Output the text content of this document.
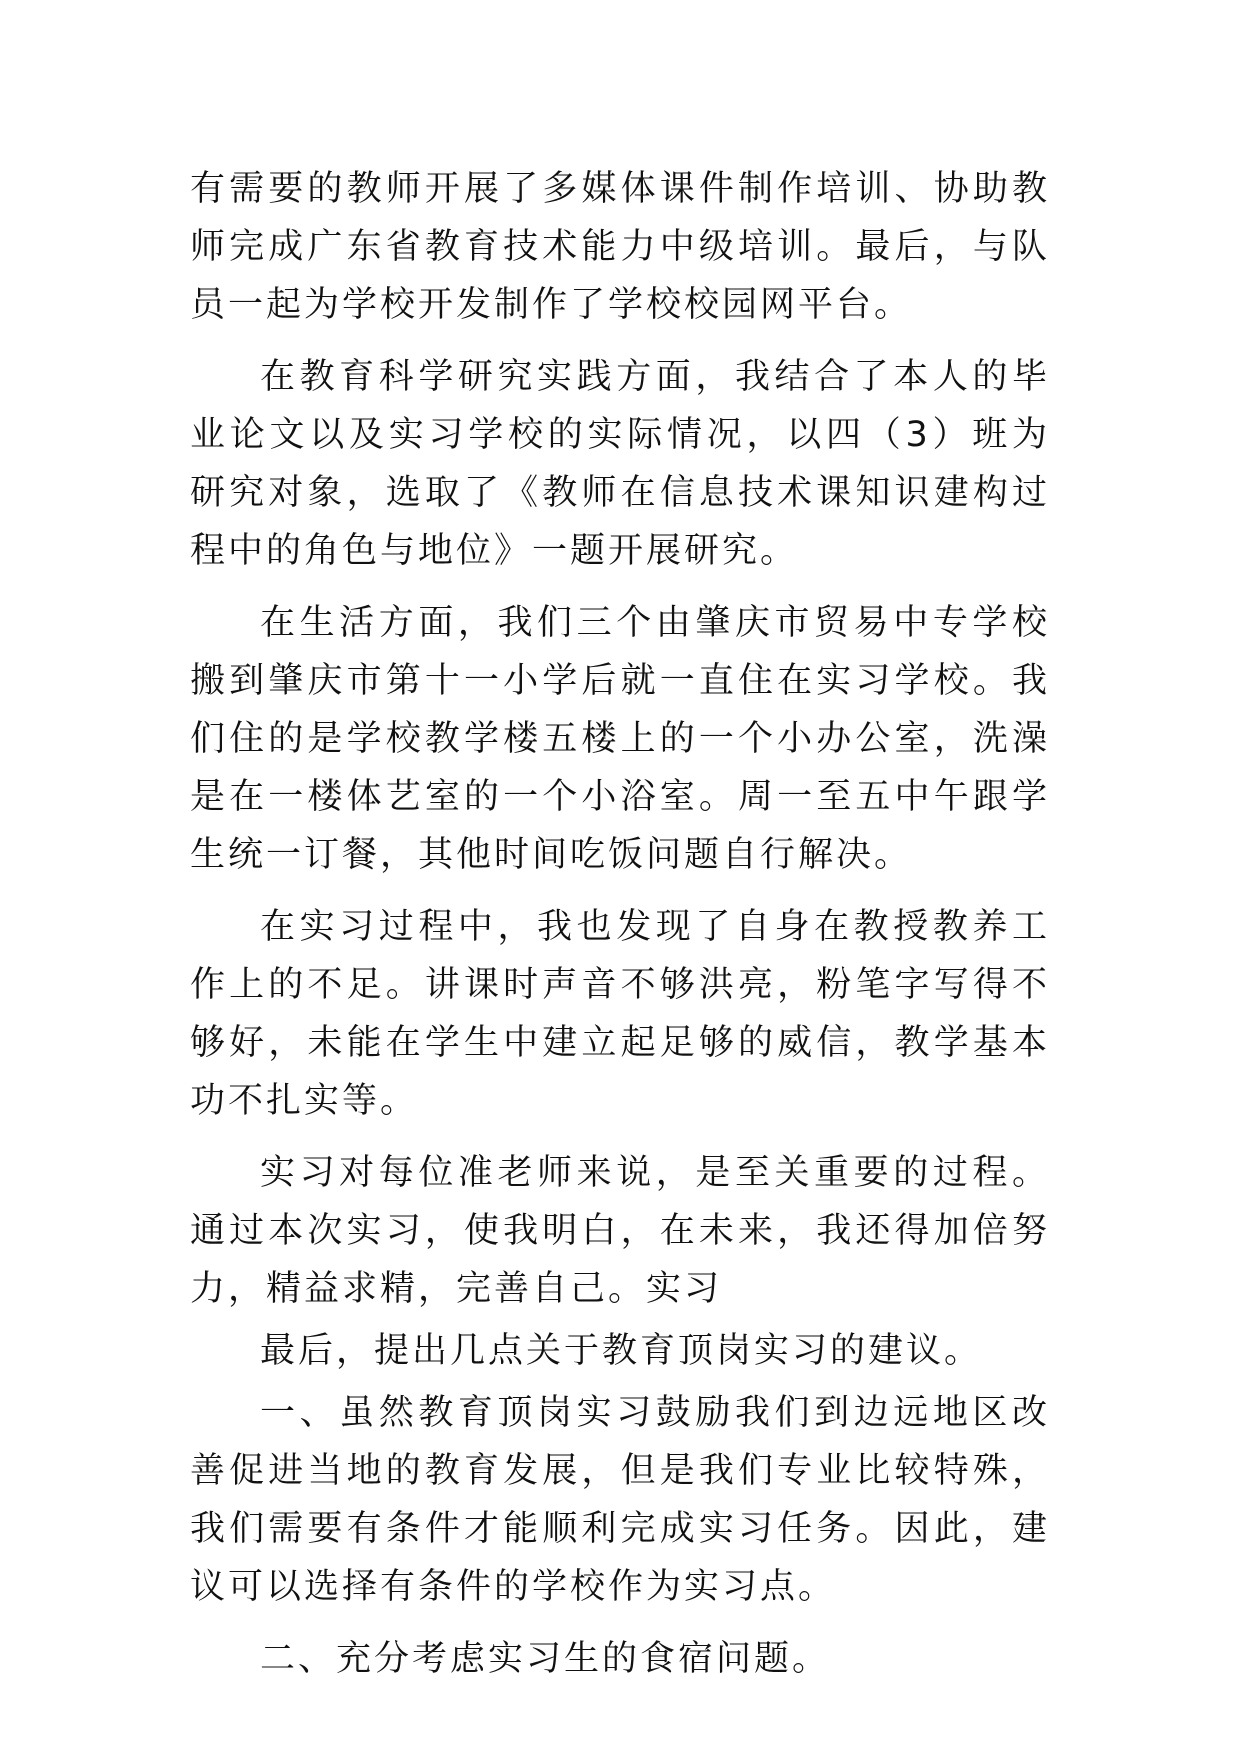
有需要的教师开展了多媒体课件制作培训、协助教师完成广东省教育技术能力中级培训。最后，与队员一起为学校开发制作了学校校园网平台。

在教育科学研究实践方面，我结合了本人的毕业论文以及实习学校的实际情况，以四（3）班为研究对象，选取了《教师在信息技术课知识建构过程中的角色与地位》一题开展研究。

在生活方面，我们三个由肇庆市贸易中专学校搬到肇庆市第十一小学后就一直住在实习学校。我们住的是学校教学楼五楼上的一个小办公室，洗澡是在一楼体艺室的一个小浴室。周一至五中午跟学生统一订餐，其他时间吃饭问题自行解决。

在实习过程中，我也发现了自身在教授教养工作上的不足。讲课时声音不够洪亮，粉笔字写得不够好，未能在学生中建立起足够的威信，教学基本功不扎实等。

实习对每位准老师来说，是至关重要的过程。通过本次实习，使我明白，在未来，我还得加倍努力，精益求精，完善自己。实习

最后，提出几点关于教育顶岗实习的建议。

一、虽然教育顶岗实习鼓励我们到边远地区改善促进当地的教育发展，但是我们专业比较特殊，我们需要有条件才能顺利完成实习任务。因此，建议可以选择有条件的学校作为实习点。

二、充分考虑实习生的食宿问题。
